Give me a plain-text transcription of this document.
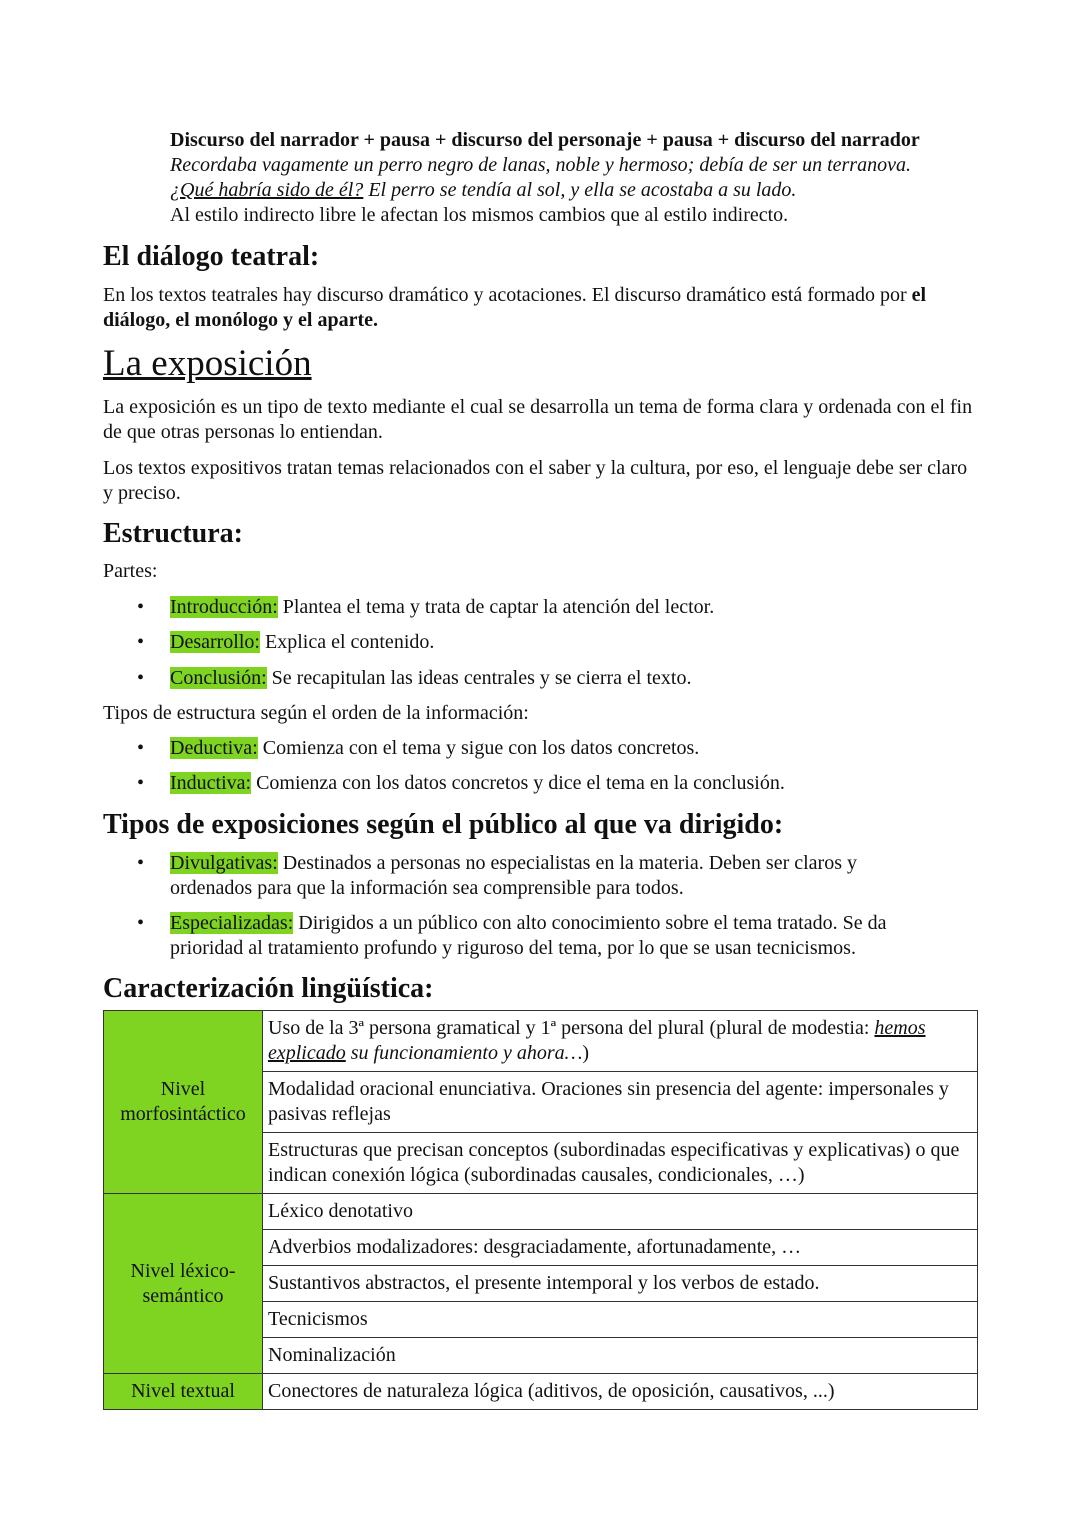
Discurso del narrador + pausa + discurso del personaje + pausa + discurso del narrador
Recordaba vagamente un perro negro de lanas, noble y hermoso; debía de ser un terranova.
¿Qué habría sido de él? El perro se tendía al sol, y ella se acostaba a su lado.
Al estilo indirecto libre le afectan los mismos cambios que al estilo indirecto.
El diálogo teatral:
En los textos teatrales hay discurso dramático y acotaciones. El discurso dramático está formado por el diálogo, el monólogo y el aparte.
La exposición
La exposición es un tipo de texto mediante el cual se desarrolla un tema de forma clara y ordenada con el fin de que otras personas lo entiendan.
Los textos expositivos tratan temas relacionados con el saber y la cultura, por eso, el lenguaje debe ser claro y preciso.
Estructura:
Partes:
• Introducción: Plantea el tema y trata de captar la atención del lector.
• Desarrollo: Explica el contenido.
• Conclusión: Se recapitulan las ideas centrales y se cierra el texto.
Tipos de estructura según el orden de la información:
• Deductiva: Comienza con el tema y sigue con los datos concretos.
• Inductiva: Comienza con los datos concretos y dice el tema en la conclusión.
Tipos de exposiciones según el público al que va dirigido:
• Divulgativas: Destinados a personas no especialistas en la materia. Deben ser claros y ordenados para que la información sea comprensible para todos.
• Especializadas: Dirigidos a un público con alto conocimiento sobre el tema tratado. Se da prioridad al tratamiento profundo y riguroso del tema, por lo que se usan tecnicismos.
Caracterización lingüística:
Nivel morfosintáctico	Uso de la 3ª persona gramatical y 1ª persona del plural (plural de modestia: hemos explicado su funcionamiento y ahora…)
	Modalidad oracional enunciativa. Oraciones sin presencia del agente: impersonales y pasivas reflejas
	Estructuras que precisan conceptos (subordinadas especificativas y explicativas) o que indican conexión lógica (subordinadas causales, condicionales, …)
Nivel léxico-semántico	Léxico denotativo
	Adverbios modalizadores: desgraciadamente, afortunadamente, …
	Sustantivos abstractos, el presente intemporal y los verbos de estado.
	Tecnicismos
	Nominalización
Nivel textual	Conectores de naturaleza lógica (aditivos, de oposición, causativos, ...)
